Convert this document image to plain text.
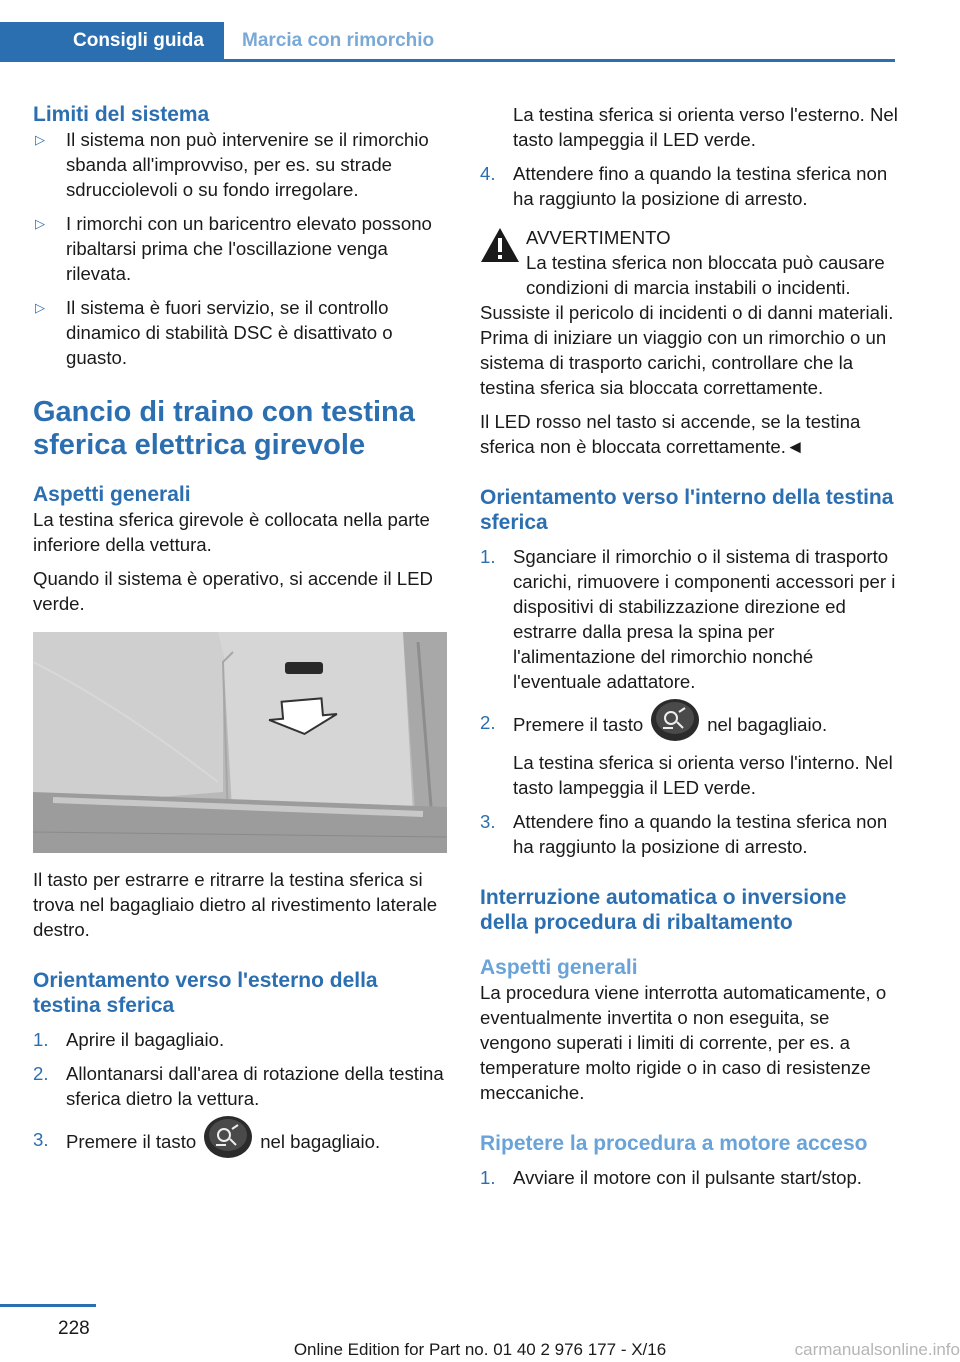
Consigli guida	Marcia con rimorchio
Limiti del sistema
▷ Il sistema non può intervenire se il rimorchio sbanda all'improvviso, per es. su strade sdrucciolevoli o su fondo irregolare.
▷ I rimorchi con un baricentro elevato possono ribaltarsi prima che l'oscillazione venga rilevata.
▷ Il sistema è fuori servizio, se il controllo dinamico di stabilità DSC è disattivato o guasto.
Gancio di traino con testina sferica elettrica girevole
Aspetti generali

La testina sferica girevole è collocata nella parte inferiore della vettura.

Quando il sistema è operativo, si accende il LED verde.

Il tasto per estrarre e ritrarre la testina sferica si trova nel bagagliaio dietro al rivestimento laterale destro.

Orientamento verso l'esterno della testina sferica
1. Aprire il bagagliaio.
2. Allontanarsi dall'area di rotazione della testina sferica dietro la vettura.
3. Premere il tasto	nel bagagliaio.

La testina sferica si orienta verso l'esterno. Nel tasto lampeggia il LED verde.

4. Attendere fino a quando la testina sferica non ha raggiunto la posizione di arresto.
AVVERTIMENTO
La testina sferica non bloccata può causare condizioni di marcia instabili o incidenti.
Sussiste il pericolo di incidenti o di danni materiali. Prima di iniziare un viaggio con un rimorchio o un sistema di trasporto carichi, controllare che la testina sferica sia bloccata correttamente.

Il LED rosso nel tasto si accende, se la testina sferica non è bloccata correttamente.◄

Orientamento verso l'interno della testina sferica
1. Sganciare il rimorchio o il sistema di trasporto carichi, rimuovere i componenti accessori per i dispositivi di stabilizzazione direzione ed estrarre dalla presa la spina per l'alimentazione del rimorchio nonché l'eventuale adattatore.
2. Premere il tasto	nel bagagliaio.

La testina sferica si orienta verso l'interno. Nel tasto lampeggia il LED verde.

3. Attendere fino a quando la testina sferica non ha raggiunto la posizione di arresto.
Interruzione automatica o inversione della procedura di ribaltamento
Aspetti generali

La procedura viene interrotta automaticamente, o eventualmente invertita o non eseguita, se vengono superati i limiti di corrente, per es. a temperature molto rigide o in caso di resistenze meccaniche.

Ripetere la procedura a motore acceso
1. Avviare il motore con il pulsante start/stop.
228
Online Edition for Part no. 01 40 2 976 177 - X/16	carmanualsonline.info
